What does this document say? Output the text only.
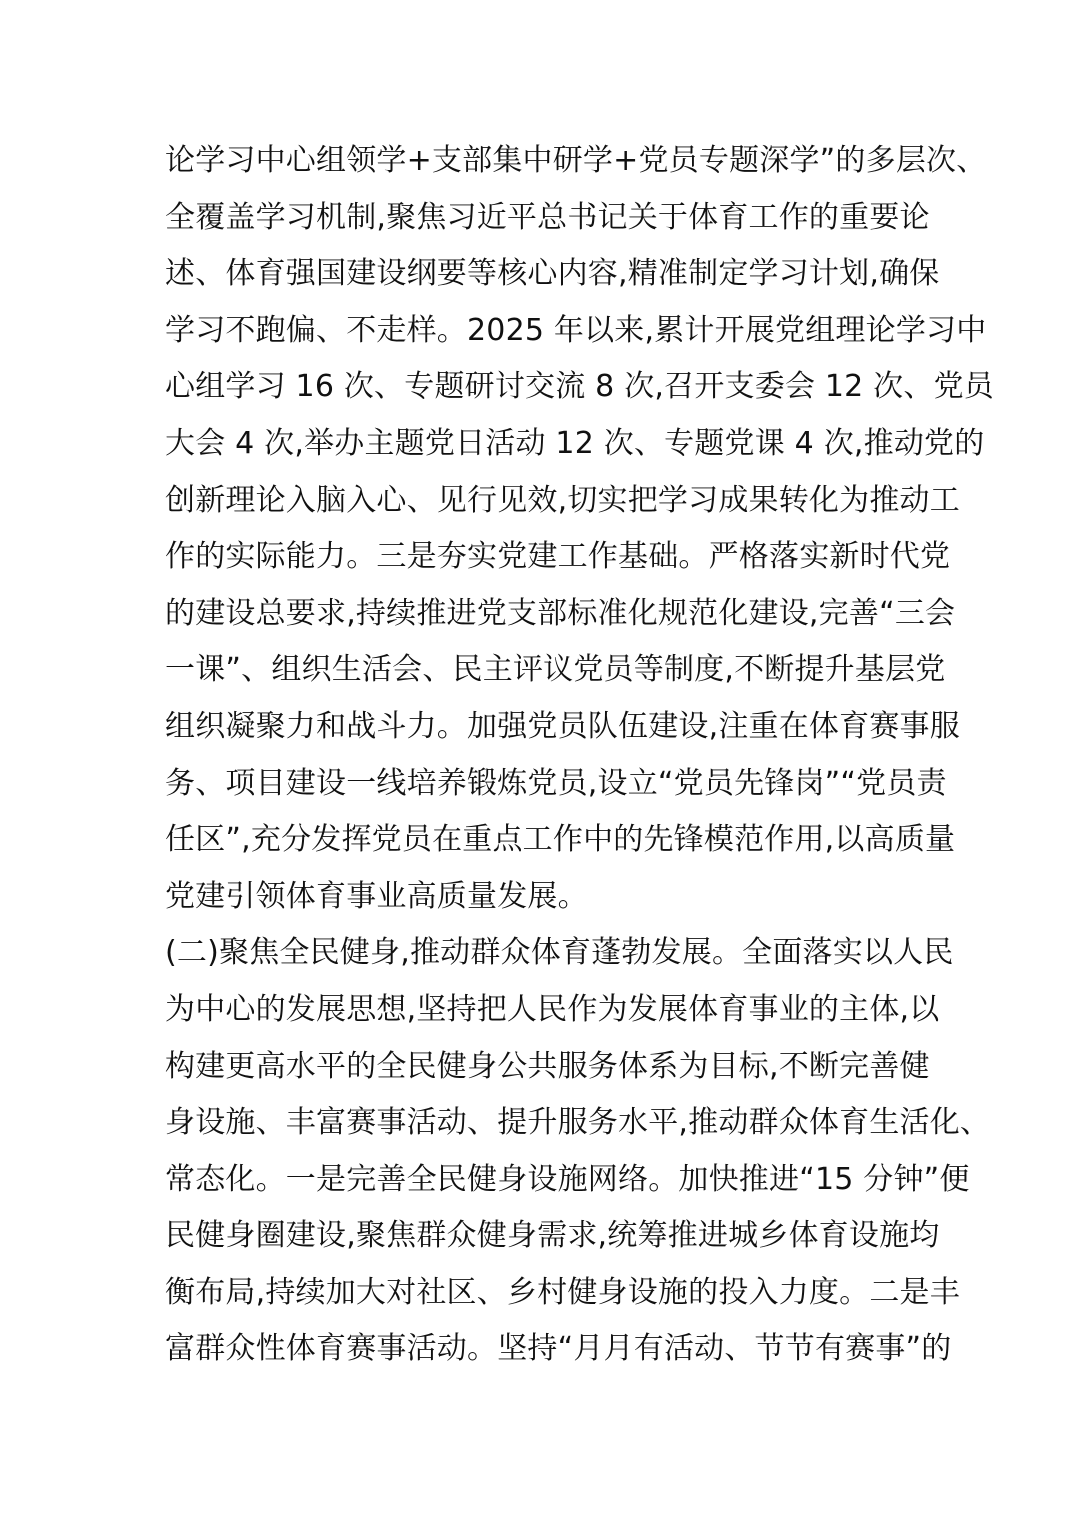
论学习中心组领学+支部集中研学+党员专题深学”的多层次、
全覆盖学习机制,聚焦习近平总书记关于体育工作的重要论
述、体育强国建设纲要等核心内容,精准制定学习计划,确保
学习不跑偏、不走样。2025 年以来,累计开展党组理论学习中
心组学习 16 次、专题研讨交流 8 次,召开支委会 12 次、党员
大会 4 次,举办主题党日活动 12 次、专题党课 4 次,推动党的
创新理论入脑入心、见行见效,切实把学习成果转化为推动工
作的实际能力。三是夯实党建工作基础。严格落实新时代党
的建设总要求,持续推进党支部标准化规范化建设,完善“三会
一课”、组织生活会、民主评议党员等制度,不断提升基层党
组织凝聚力和战斗力。加强党员队伍建设,注重在体育赛事服
务、项目建设一线培养锻炼党员,设立“党员先锋岗”“党员责
任区”,充分发挥党员在重点工作中的先锋模范作用,以高质量
党建引领体育事业高质量发展。
(二)聚焦全民健身,推动群众体育蓬勃发展。全面落实以人民
为中心的发展思想,坚持把人民作为发展体育事业的主体,以
构建更高水平的全民健身公共服务体系为目标,不断完善健
身设施、丰富赛事活动、提升服务水平,推动群众体育生活化、
常态化。一是完善全民健身设施网络。加快推进“15 分钟”便
民健身圈建设,聚焦群众健身需求,统筹推进城乡体育设施均
衡布局,持续加大对社区、乡村健身设施的投入力度。二是丰
富群众性体育赛事活动。坚持“月月有活动、节节有赛事”的
